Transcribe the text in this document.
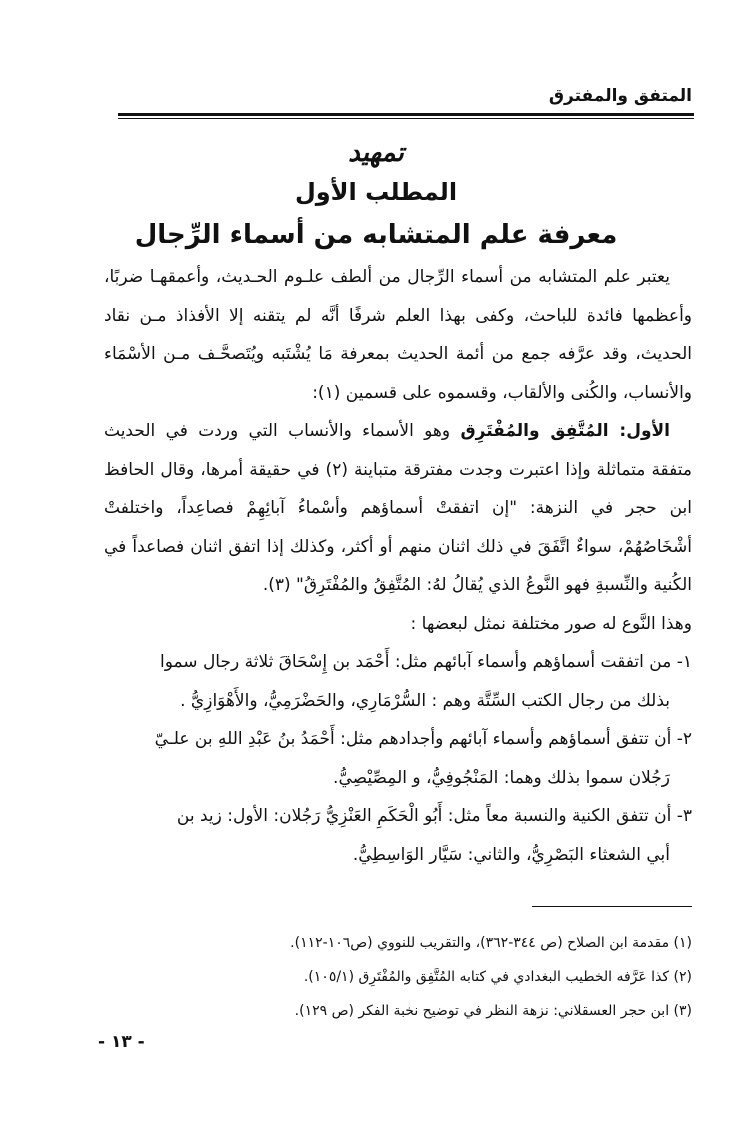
المتفق والمفترق
تمهيد
المطلب الأول
معرفة علم المتشابه من أسماء الرِّجال

يعتبر علم المتشابه من أسماء الرِّجال من ألطف علـوم الحـديث، وأعمقهـا ضربًا، وأعظمها فائدة للباحث، وكفى بهذا العلم شرفًا أنَّه لم يتقنه إلا الأفذاذ مـن نقاد الحديث، وقد عرَّفه جمع من أئمة الحديث بمعرفة مَا يُشْتَبه ويُتَصحَّـف مـن الأسْمَاء والأنساب، والكُنى والألقاب، وقسموه على قسمين (١):

الأول: المُتَّفِق والمُفْتَرِق وهو الأسماء والأنساب التي وردت في الحديث متفقة متماثلة وإذا اعتبرت وجدت مفترقة متباينة (٢) في حقيقة أمرها، وقال الحافظ ابن حجر في النزهة: "إن اتفقتْ أسماؤهم وأسْماءُ آبائِهِمْ فصاعِداً، واختلفتْ أشْخَاصُهُمْ، سواءٌ اتَّفَقَ في ذلك اثنان منهم أو أكثر، وكذلك إذا اتفق اثنان فصاعداً في الكُنية والنِّسبةِ فهو النَّوعُ الذي يُقالُ لهُ: المُتَّفِقُ والمُفْتَرِقُ" (٣).

وهذا النَّوع له صور مختلفة نمثل لبعضها :

١- من اتفقت أسماؤهم وأسماء آبائهم مثل: أَحْمَد بن إِسْحَاقَ ثلاثة رجال سموا
بذلك من رجال الكتب السِّتَّة وهم : السُّرْمَارِي، والحَضْرَمِيُّ، والأَهْوَازِيُّ .

٢- أن تتفق أسماؤهم وأسماء آبائهم وأجدادهم مثل: أَحْمَدُ بنُ عَبْدِ اللهِ بن علـيّ
رَجُلان سموا بذلك وهما: المَنْجُوفِيُّ، و المِصِّيْصِيُّ.

٣- أن تتفق الكنية والنسبة معاً مثل: أَبُو الْحَكَمِ العَنْزِيُّ رَجُلان: الأول: زيد بن
أبي الشعثاء البَصْرِيُّ، والثاني: سَيَّار الوَاسِطِيُّ.

(١) مقدمة ابن الصلاح (ص ٣٤٤-٣٦٢)، والتقريب للنووي (ص١٠٦-١١٢).
(٢) كذا عَرَّفه الخطيب البغدادي في كتابه المُتَّفِق والمُفْتَرِق (١٠٥/١).
(٣) ابن حجر العسقلاني: نزهة النظر في توضيح نخبة الفكر (ص ١٢٩).
- ١٣ -
